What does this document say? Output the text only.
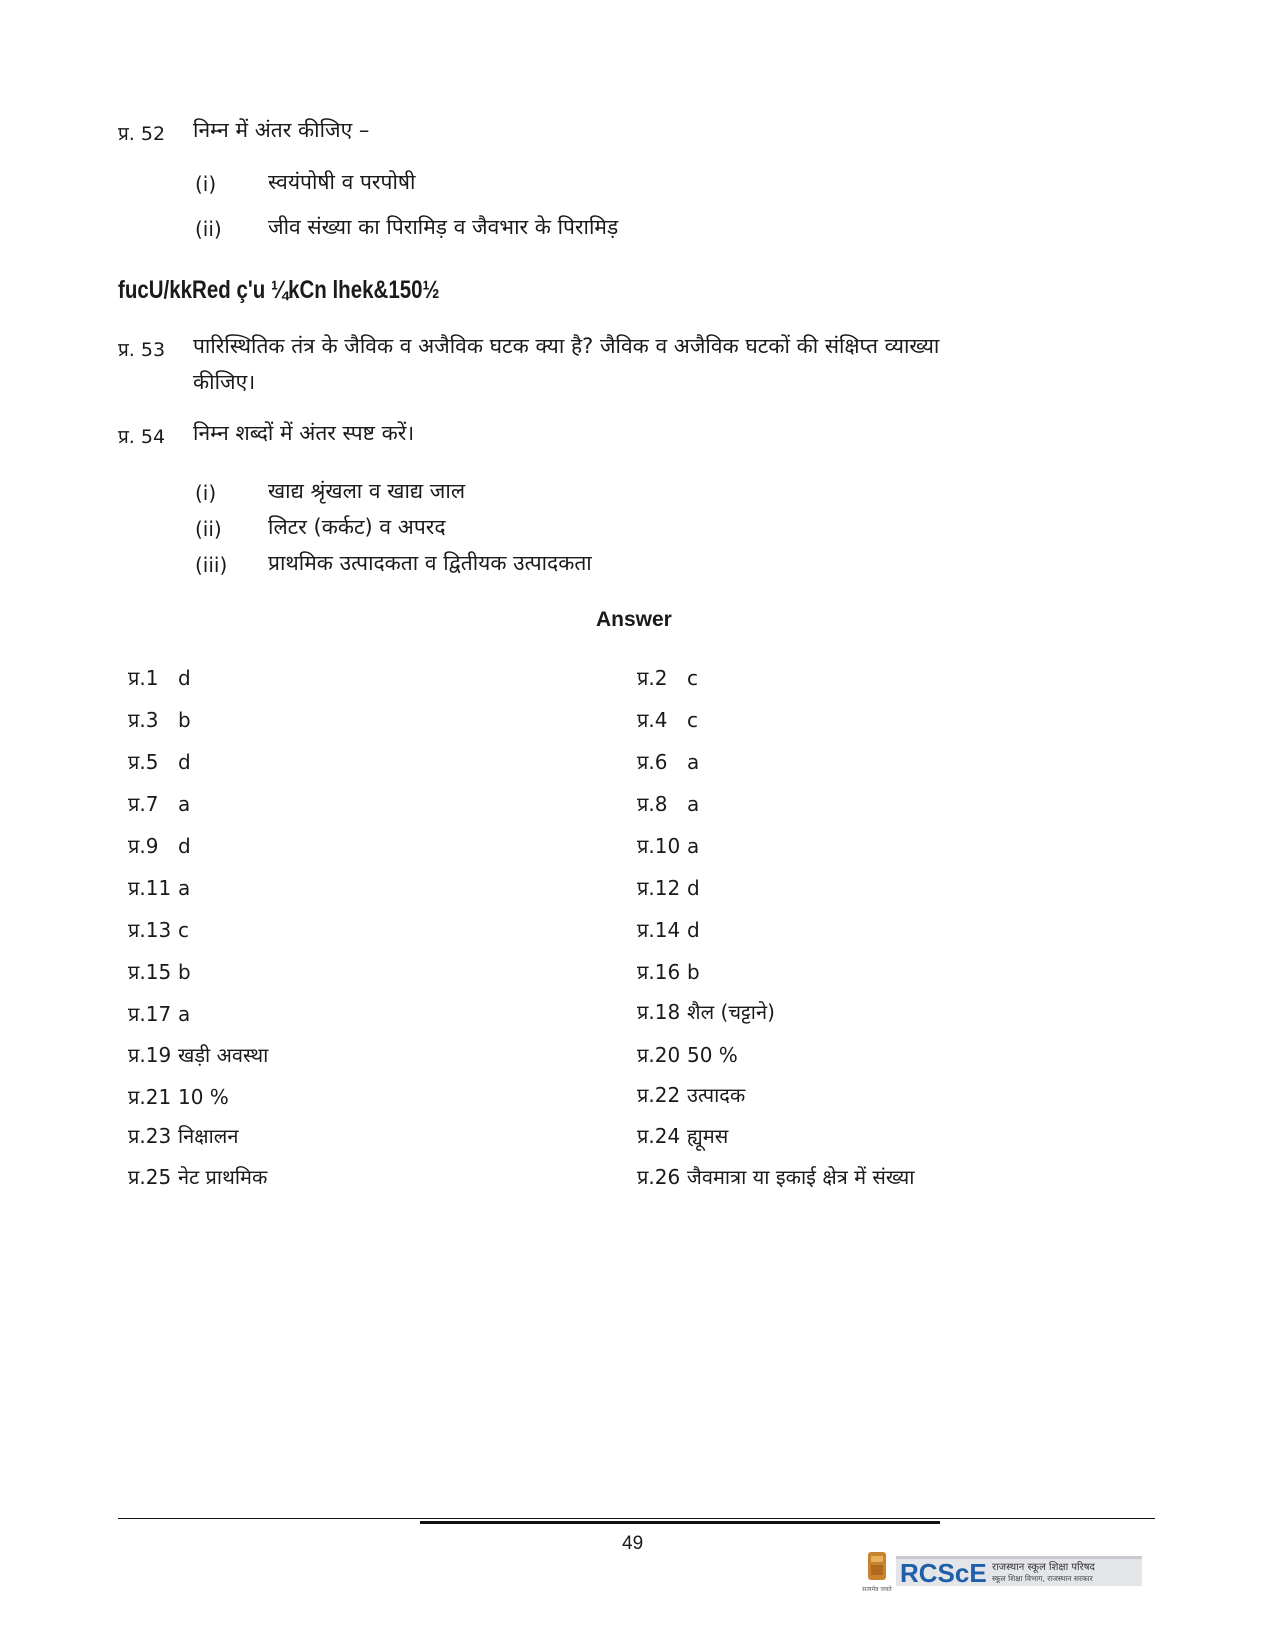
प्र. 52 निम्न में अंतर कीजिए –
(i) स्वयंपोषी व परपोषी
(ii) जीव संख्या का पिरामिड़ व जैवभार के पिरामिड़
fucU/kkRed ç'u ¼kCn lhek&150½
प्र. 53 पारिस्थितिक तंत्र के जैविक व अजैविक घटक क्या है? जैविक व अजैविक घटकों की संक्षिप्त व्याख्या
कीजिए।
प्र. 54 निम्न शब्दों में अंतर स्पष्ट करें।
(i) खाद्य श्रृंखला व खाद्य जाल
(ii) लिटर (कर्कट) व अपरद
(iii) प्राथमिक उत्पादकता व द्वितीयक उत्पादकता
Answer
प्र.1 d
प्र.3 b
प्र.5 d
प्र.7 a
प्र.9 d
प्र.11 a
प्र.13 c
प्र.15 b
प्र.17 a
प्र.19 खड़ी अवस्था
प्र.21 10 %
प्र.23 निक्षालन
प्र.25 नेट प्राथमिक
प्र.2 c
प्र.4 c
प्र.6 a
प्र.8 a
प्र.10 a
प्र.12 d
प्र.14 d
प्र.16 b
प्र.18 शैल (चट्टाने)
प्र.20 50 %
प्र.22 उत्पादक
प्र.24 ह्यूमस
प्र.26 जैवमात्रा या इकाई क्षेत्र में संख्या
49
सत्यमेव जयते
RCScE राजस्थान स्कूल शिक्षा परिषद
स्कूल शिक्षा विभाग, राजस्थान सरकार
